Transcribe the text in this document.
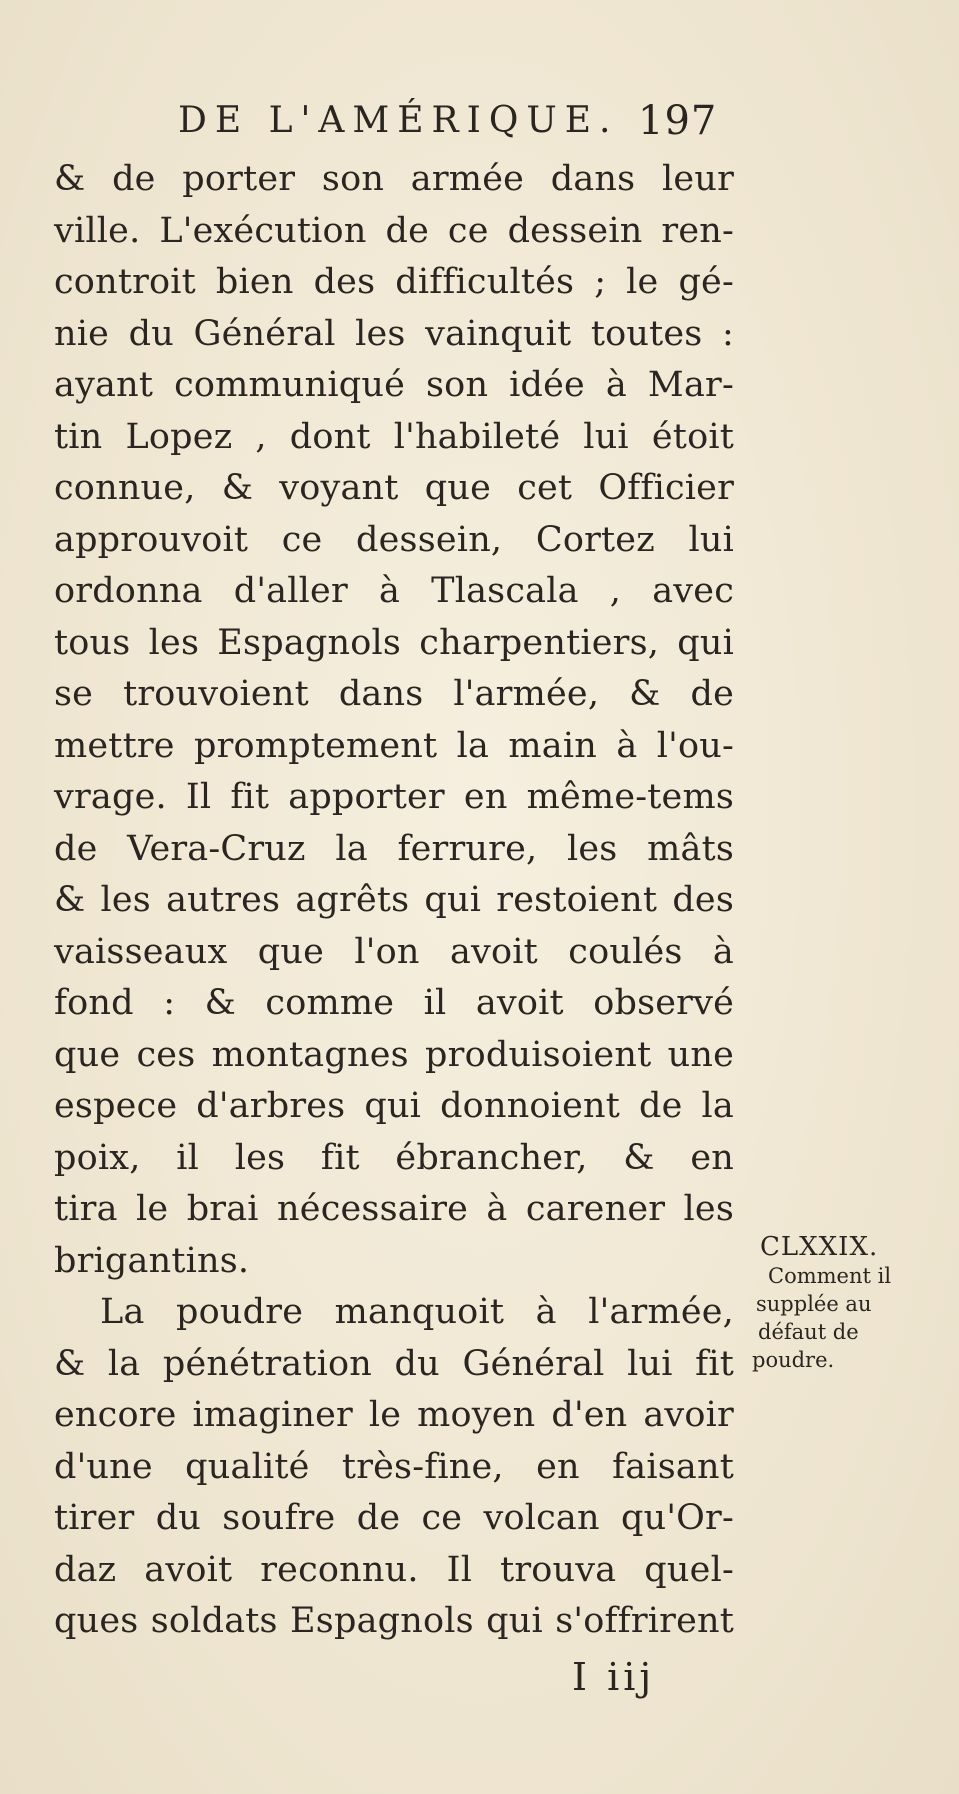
DE L'AMÉRIQUE. 197
& de porter son armée dans leur
ville. L'exécution de ce dessein ren-
controit bien des difficultés ; le gé-
nie du Général les vainquit toutes :
ayant communiqué son idée à Mar-
tin Lopez , dont l'habileté lui étoit
connue, & voyant que cet Officier
approuvoit ce dessein, Cortez lui
ordonna d'aller à Tlascala , avec
tous les Espagnols charpentiers, qui
se trouvoient dans l'armée, & de
mettre promptement la main à l'ou-
vrage. Il fit apporter en même-tems
de Vera-Cruz la ferrure, les mâts
& les autres agrêts qui restoient des
vaisseaux que l'on avoit coulés à
fond : & comme il avoit observé
que ces montagnes produisoient une
espece d'arbres qui donnoient de la
poix, il les fit ébrancher, & en
tira le brai nécessaire à carener les
brigantins.
La poudre manquoit à l'armée,
& la pénétration du Général lui fit
encore imaginer le moyen d'en avoir
d'une qualité très-fine, en faisant
tirer du soufre de ce volcan qu'Or-
daz avoit reconnu. Il trouva quel-
ques soldats Espagnols qui s'offrirent
CLXXIX.
Comment il
supplée au
défaut de
poudre.
I iij
